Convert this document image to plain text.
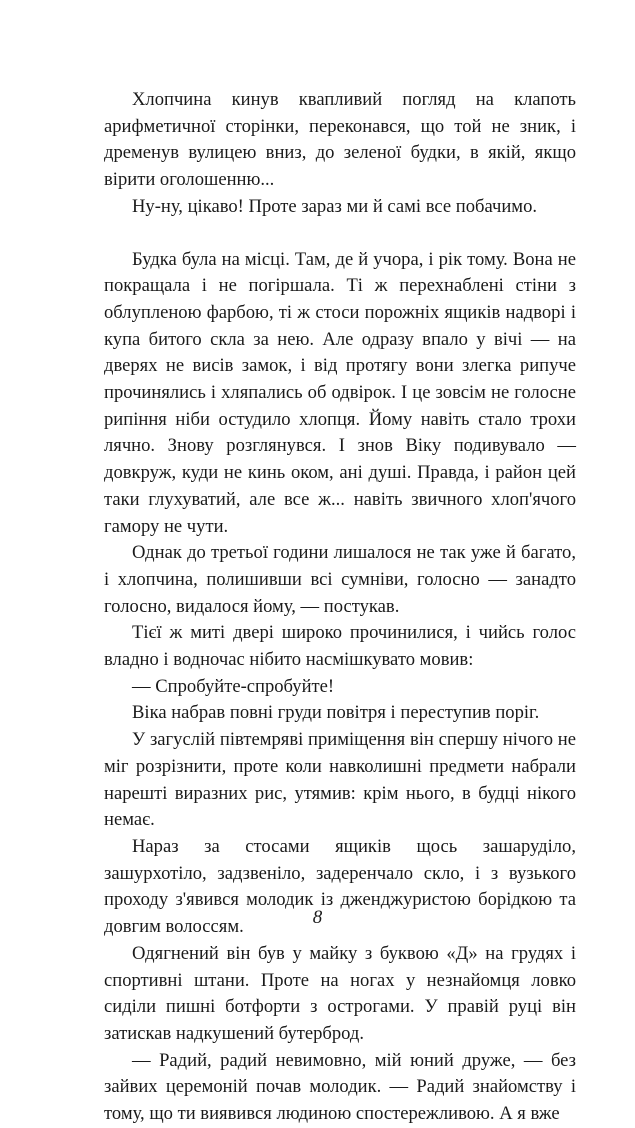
Хлопчина кинув квапливий погляд на клапоть арифметичної сторінки, переконався, що той не зник, і дременув вулицею вниз, до зеленої будки, в якій, якщо вірити оголошенню...

Ну-ну, цікаво! Проте зараз ми й самі все побачимо.

Будка була на місці. Там, де й учора, і рік тому. Вона не покращала і не погіршала. Ті ж перехнаблені стіни з облупленою фарбою, ті ж стоси порожніх ящиків надворі і купа битого скла за нею. Але одразу впало у вічі — на дверях не висів замок, і від протягу вони злегка рипуче прочинялись і хляпались об одвірок. І це зовсім не голосне рипіння ніби остудило хлопця. Йому навіть стало трохи лячно. Знову розглянувся. І знов Віку подивувало — довкруж, куди не кинь оком, ані душі. Правда, і район цей таки глухуватий, але все ж... навіть звичного хлоп'ячого гамору не чути.

Однак до третьої години лишалося не так уже й багато, і хлопчина, полишивши всі сумніви, голосно — занадто голосно, видалося йому, — постукав.

Тієї ж миті двері широко прочинилися, і чийсь голос владно і водночас нібито насмішкувато мовив:

— Спробуйте-спробуйте!

Віка набрав повні груди повітря і переступив поріг.

У загуслій півтемряві приміщення він спершу нічого не міг розрізнити, проте коли навколишні предмети набрали нарешті виразних рис, утямив: крім нього, в будці нікого немає.

Нараз за стосами ящиків щось зашаруділо, зашурхотіло, задзвеніло, задеренчало скло, і з вузького проходу з'явився молодик із дженджуристою борідкою та довгим волоссям.

Одягнений він був у майку з буквою «Д» на грудях і спортивні штани. Проте на ногах у незнайомця ловко сиділи пишні ботфорти з острогами. У правій руці він затискав надкушений бутерброд.

— Радий, радий невимовно, мій юний друже, — без зайвих церемоній почав молодик. — Радий знайомству і тому, що ти виявився людиною спостережливою. А я вже

8
